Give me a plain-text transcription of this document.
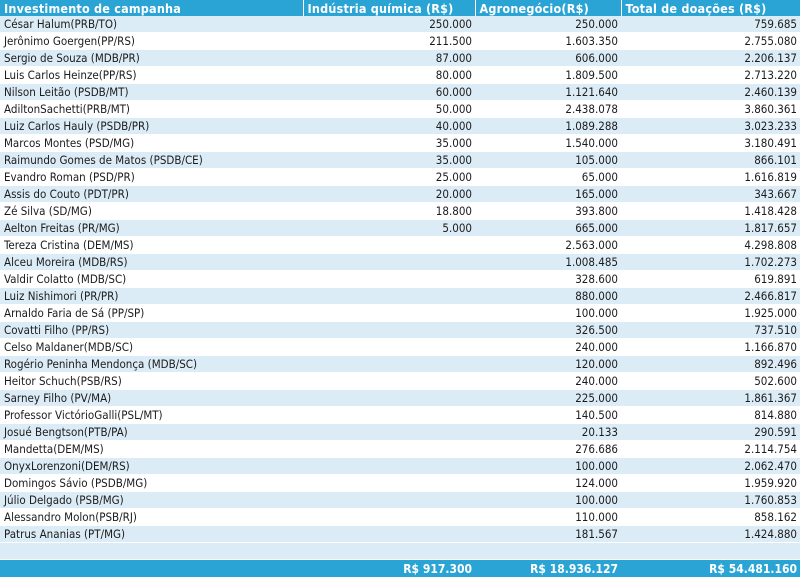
Investimento de campanha	Indústria química (R$)	Agronegócio(R$)	Total de doações (R$)
César Halum(PRB/TO)	250.000	250.000	759.685
Jerônimo Goergen(PP/RS)	211.500	1.603.350	2.755.080
Sergio de Souza (MDB/PR)	87.000	606.000	2.206.137
Luis Carlos Heinze(PP/RS)	80.000	1.809.500	2.713.220
Nilson Leitão (PSDB/MT)	60.000	1.121.640	2.460.139
AdiltonSachetti(PRB/MT)	50.000	2.438.078	3.860.361
Luiz Carlos Hauly (PSDB/PR)	40.000	1.089.288	3.023.233
Marcos Montes (PSD/MG)	35.000	1.540.000	3.180.491
Raimundo Gomes de Matos (PSDB/CE)	35.000	105.000	866.101
Evandro Roman (PSD/PR)	25.000	65.000	1.616.819
Assis do Couto (PDT/PR)	20.000	165.000	343.667
Zé Silva (SD/MG)	18.800	393.800	1.418.428
Aelton Freitas (PR/MG)	5.000	665.000	1.817.657
Tereza Cristina (DEM/MS)		2.563.000	4.298.808
Alceu Moreira (MDB/RS)		1.008.485	1.702.273
Valdir Colatto (MDB/SC)		328.600	619.891
Luiz Nishimori (PR/PR)		880.000	2.466.817
Arnaldo Faria de Sá (PP/SP)		100.000	1.925.000
Covatti Filho (PP/RS)		326.500	737.510
Celso Maldaner(MDB/SC)		240.000	1.166.870
Rogério Peninha Mendonça (MDB/SC)		120.000	892.496
Heitor Schuch(PSB/RS)		240.000	502.600
Sarney Filho (PV/MA)		225.000	1.861.367
Professor VictórioGalli(PSL/MT)		140.500	814.880
Josué Bengtson(PTB/PA)		20.133	290.591
Mandetta(DEM/MS)		276.686	2.114.754
OnyxLorenzoni(DEM/RS)		100.000	2.062.470
Domingos Sávio (PSDB/MG)		124.000	1.959.920
Júlio Delgado (PSB/MG)		100.000	1.760.853
Alessandro Molon(PSB/RJ)		110.000	858.162
Patrus Ananias (PT/MG)		181.567	1.424.880

	R$ 917.300	R$ 18.936.127	R$ 54.481.160
